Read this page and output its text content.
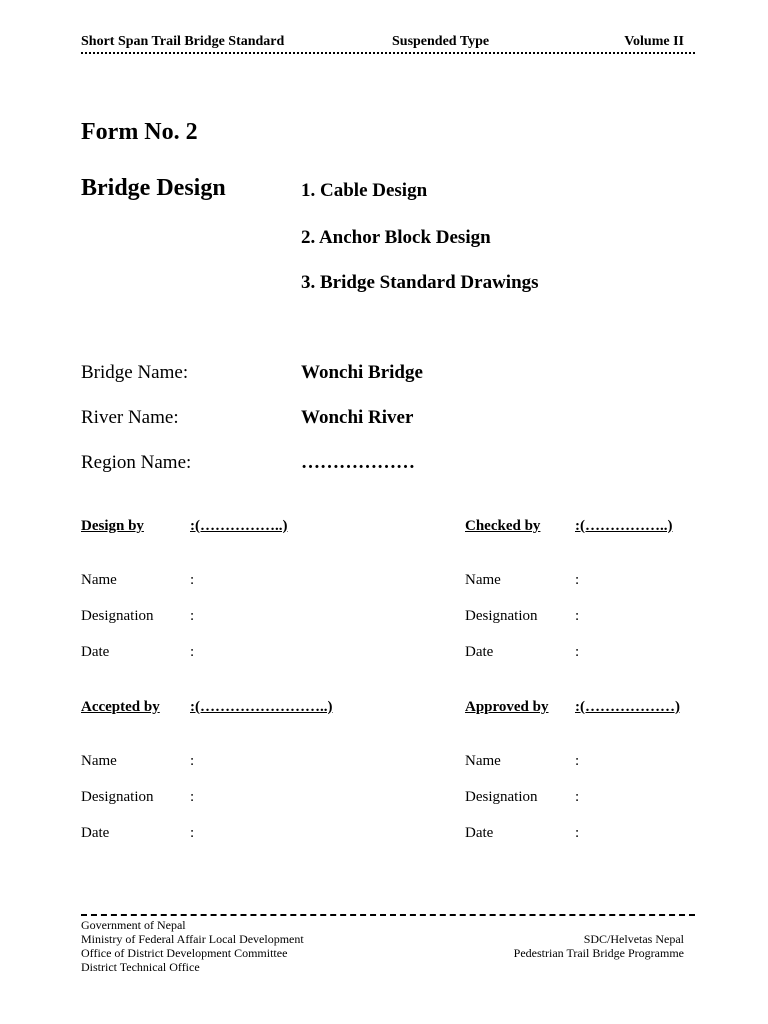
Short Span Trail Bridge Standard	Suspended Type	Volume II
Form No. 2
Bridge Design	1. Cable Design
2. Anchor Block Design
3. Bridge Standard Drawings
Bridge Name:	Wonchi Bridge
River Name:	Wonchi River
Region Name:	………………
Design by	:(……………..)	Checked by :(……………..)
Name	:	Name	:
Designation :	Designation	:
Date	:	Date	:
Accepted by :(……………………..)	Approved by :(………………)
Name	:	Name	:
Designation :	Designation	:
Date	:	Date	:
Government of Nepal
Ministry of Federal Affair Local Development
Office of District Development Committee
District Technical Office
SDC/Helvetas Nepal
Pedestrian Trail Bridge Programme
